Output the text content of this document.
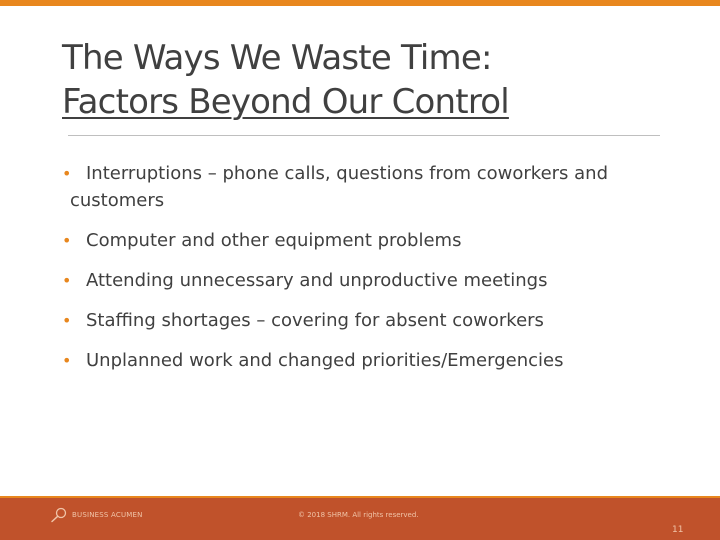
The Ways We Waste Time:
Factors Beyond Our Control
• Interruptions – phone calls, questions from coworkers and customers
• Computer and other equipment problems
• Attending unnecessary and unproductive meetings
• Staffing shortages – covering for absent coworkers
• Unplanned work and changed priorities/Emergencies
BUSINESS ACUMEN	© 2018 SHRM. All rights reserved.
11
